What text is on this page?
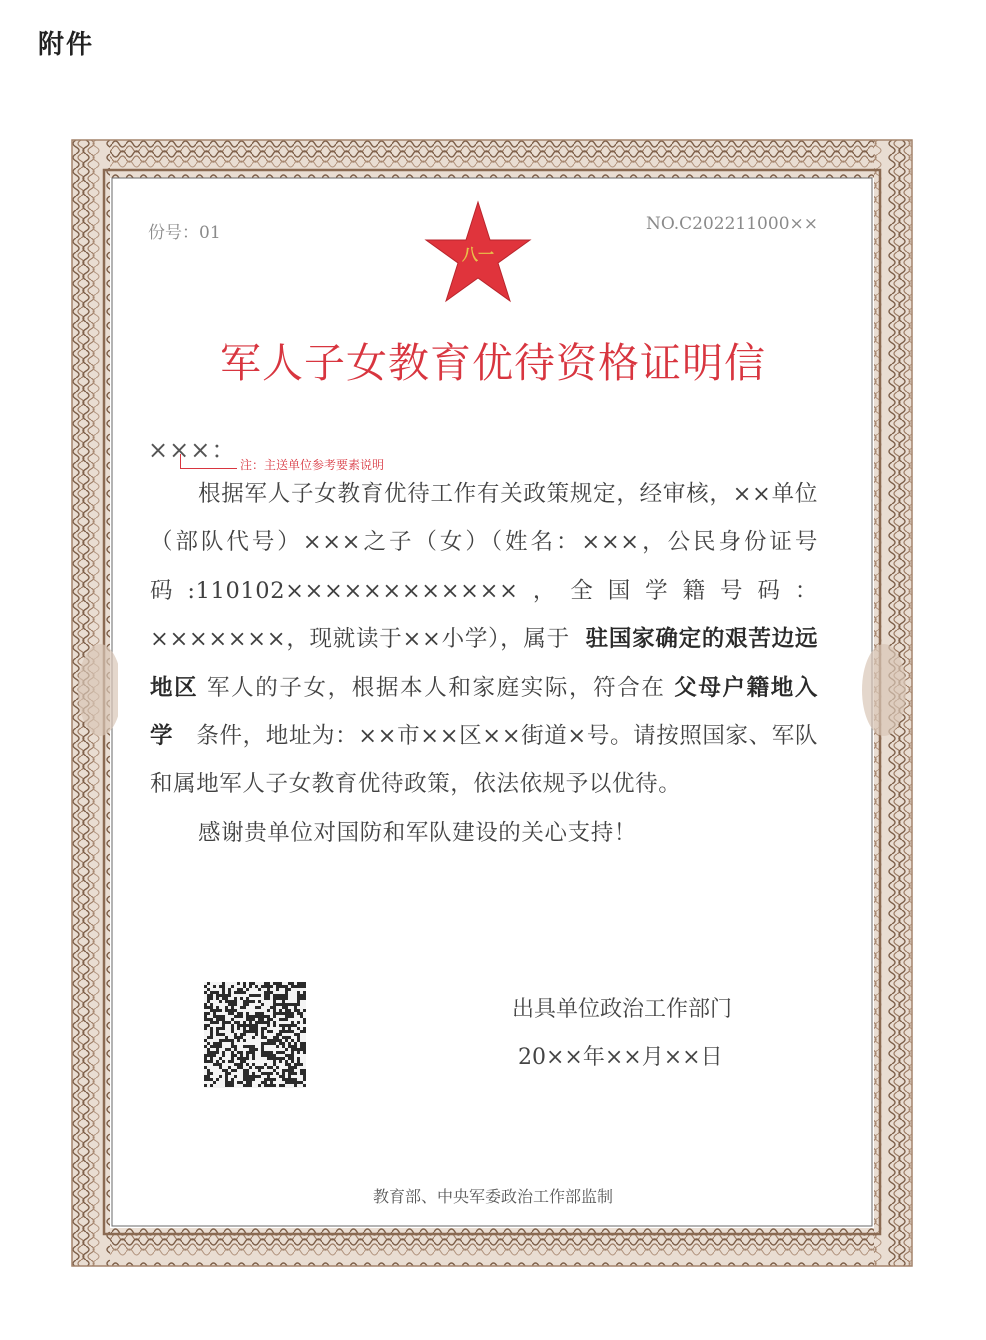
附件
份号：01	NO.C202211000××
八一
军人子女教育优待资格证明信
×××：
注：主送单位参考要素说明

根据军人子女教育优待工作有关政策规定，经审核，××单位（部队代号）×××之子（女）（姓名：×××，公民身份证号码:110102××××××××××××，全国学籍号码：×××××××，现就读于××小学），属于 驻国家确定的艰苦边远地区 军人的子女，根据本人和家庭实际，符合在 父母户籍地入学 条件，地址为：××市××区××街道×号。请按照国家、军队和属地军人子女教育优待政策，依法依规予以优待。

感谢贵单位对国防和军队建设的关心支持！

出具单位政治工作部门
20××年××月××日
教育部、中央军委政治工作部监制
